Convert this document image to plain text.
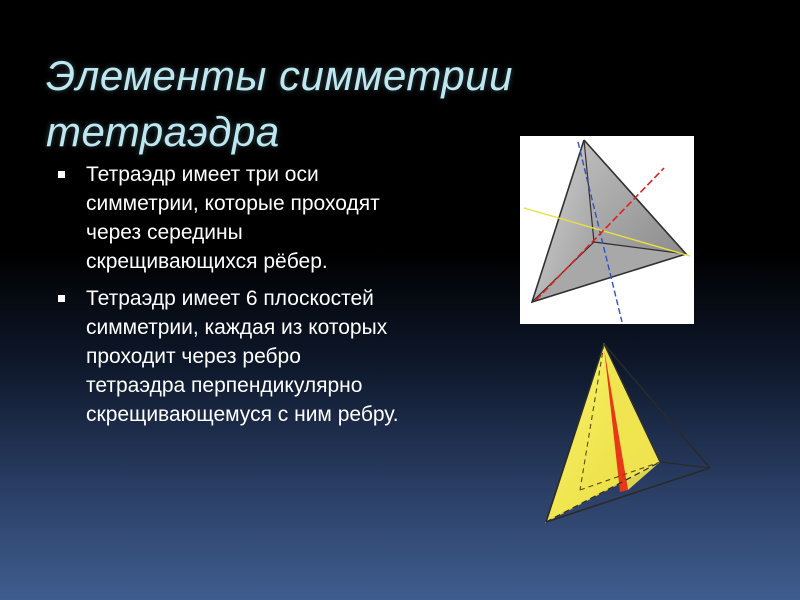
Элементы симметрии
тетраэдра
Тетраэдр имеет три оси симметрии, которые проходят через середины скрещивающихся рёбер.
Тетраэдр имеет 6 плоскостей симметрии, каждая из которых проходит через ребро тетраэдра перпендикулярно скрещивающемуся с ним ребру.
